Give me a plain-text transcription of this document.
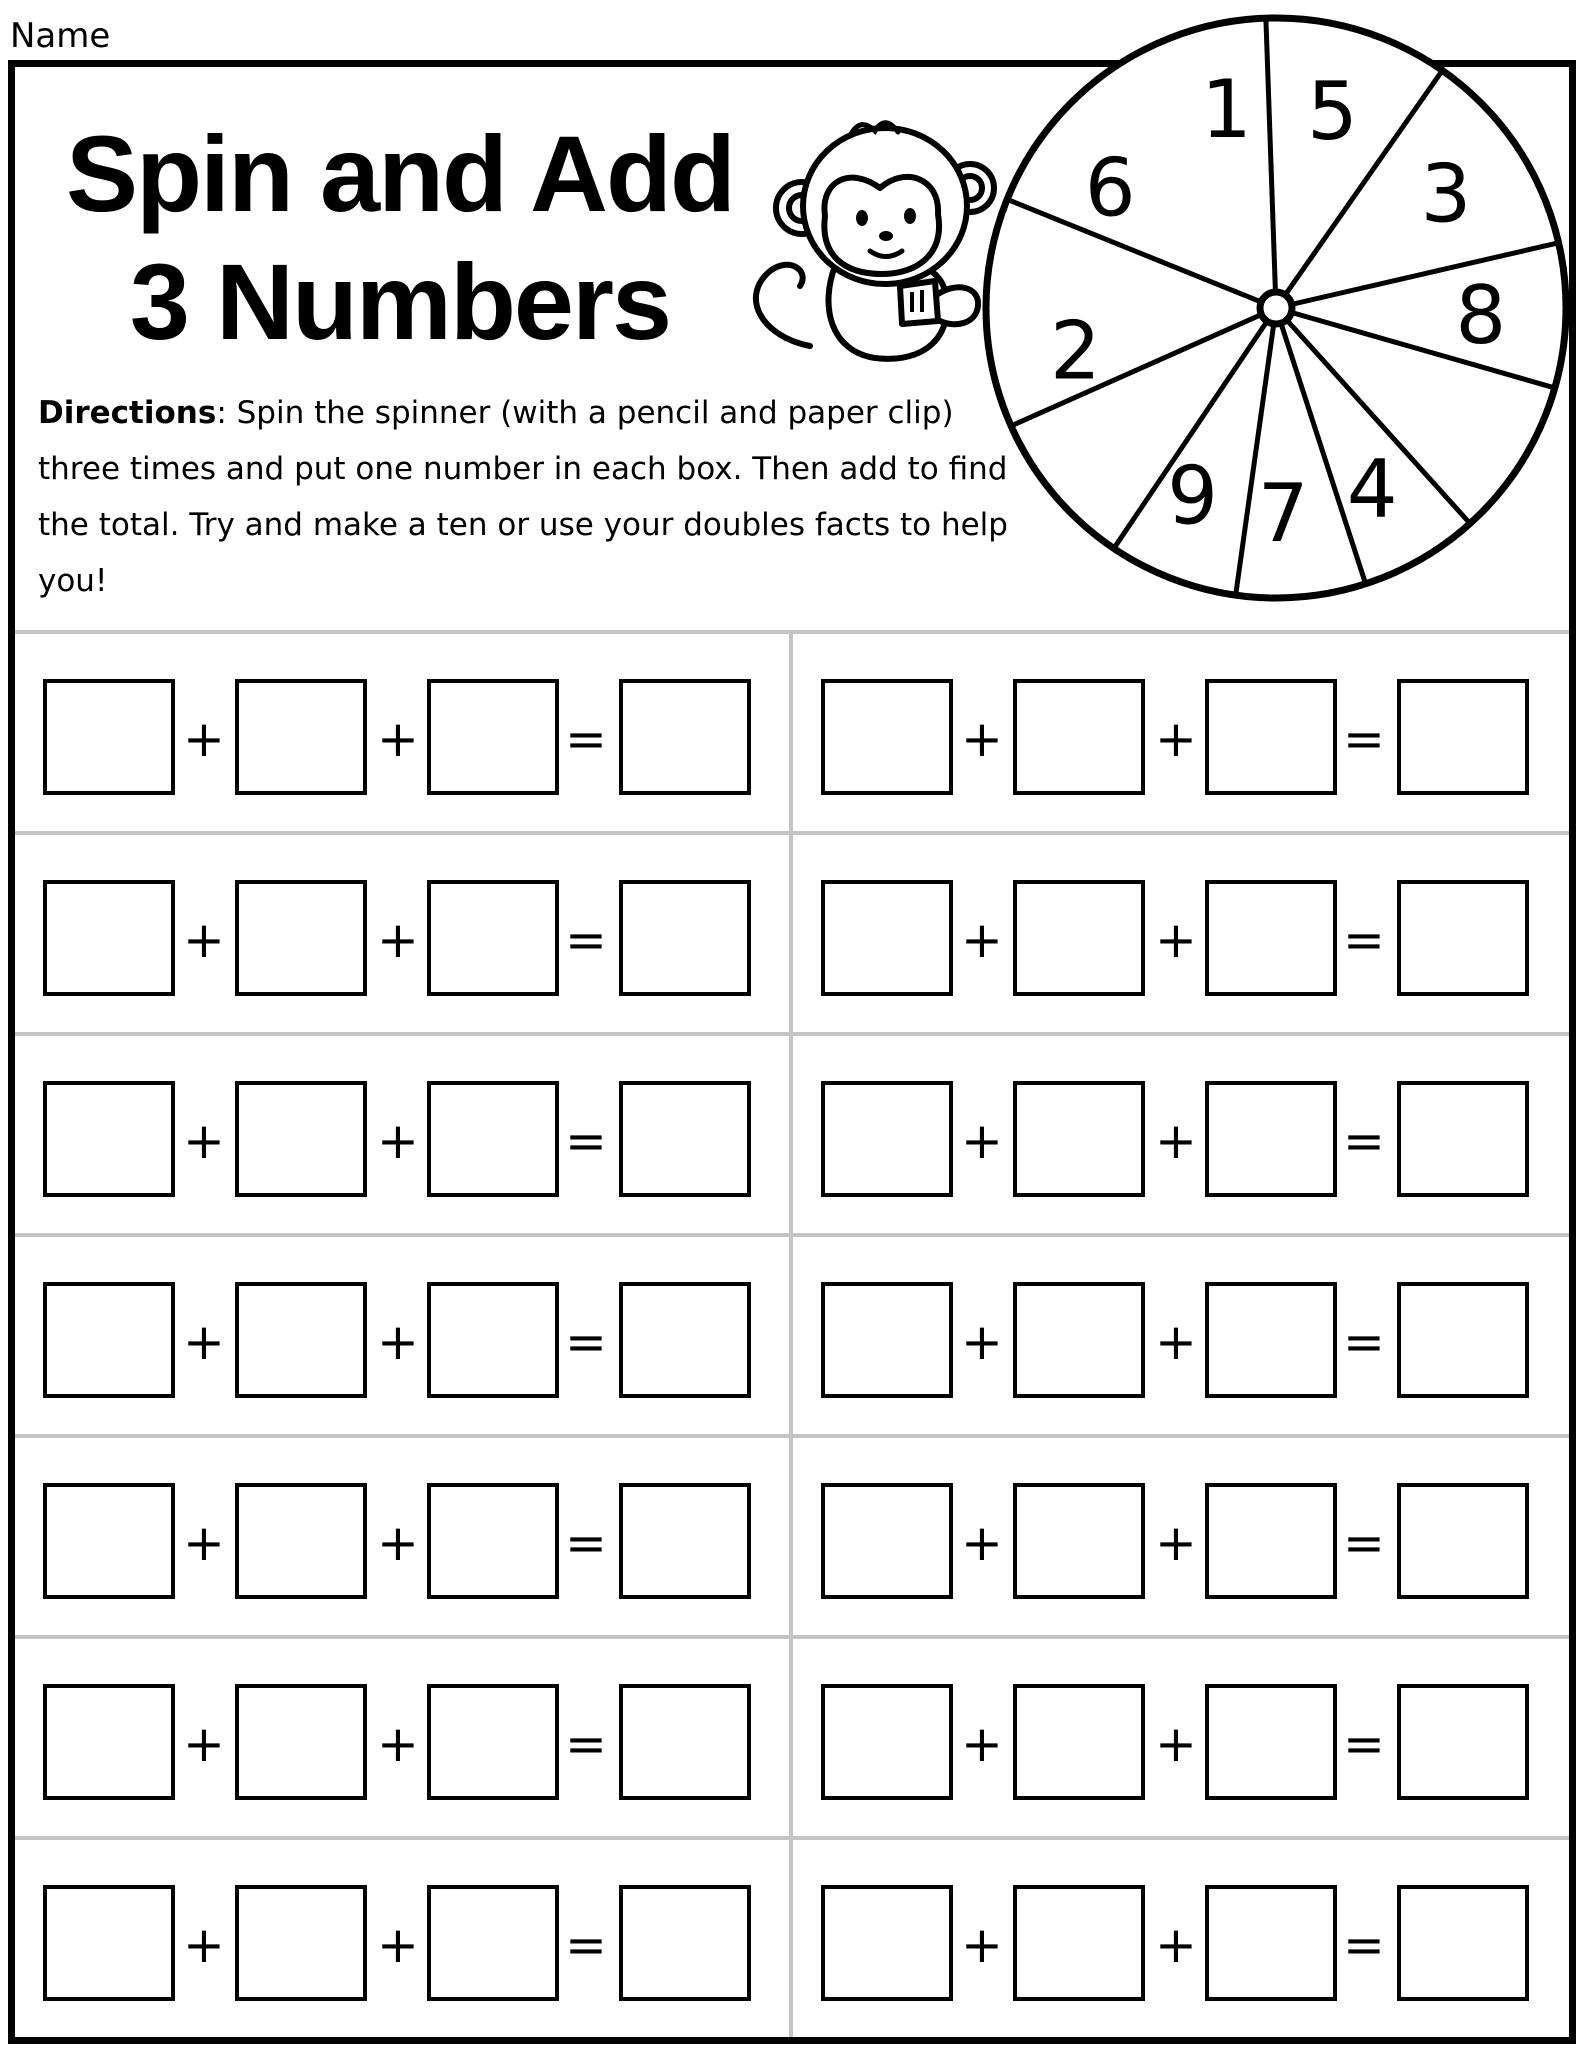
Name
Spin and Add
3 Numbers
1 5
3
8
4
7
9
2
6
Directions: Spin the spinner (with a pencil and paper clip) three times and put one number in each box. Then add to find the total. Try and make a ten or use your doubles facts to help you!
+	+	=	+	+	=
+	+	=	+	+	=
+	+	=	+	+	=
+	+	=	+	+	=
+	+	=	+	+	=
+	+	=	+	+	=
+	+	=	+	+	=
